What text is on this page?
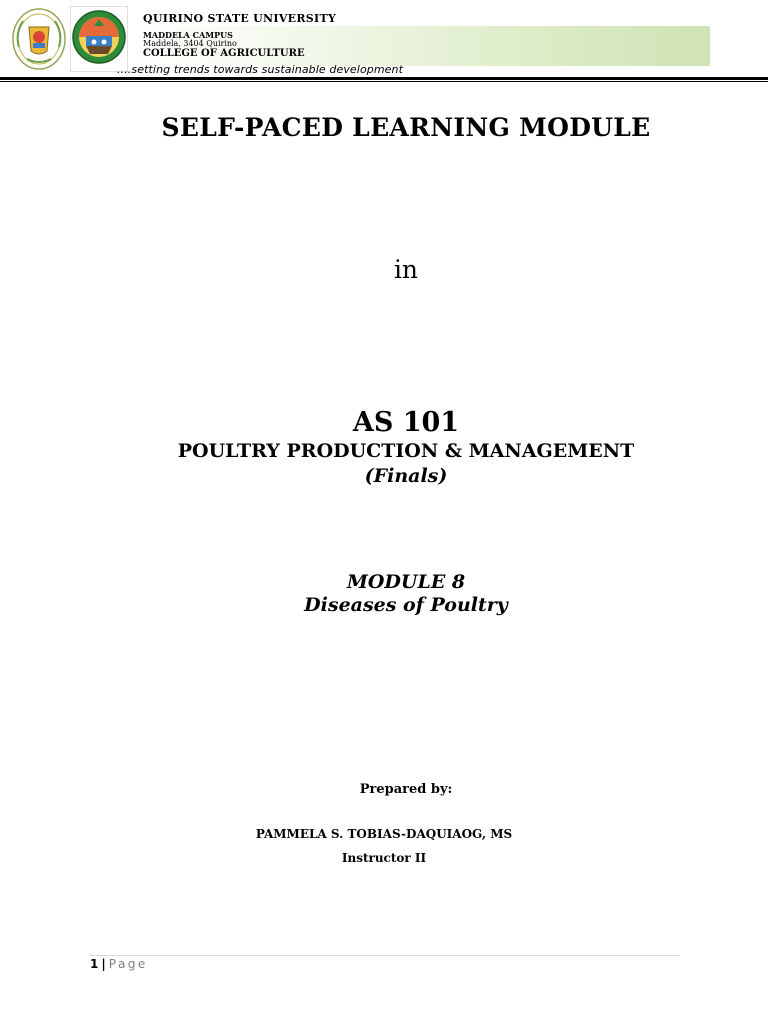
QUIRINO STATE UNIVERSITY
MADDELA CAMPUS
Maddela, 3404 Quirino
COLLEGE OF AGRICULTURE
....setting trends towards sustainable development
SELF-PACED LEARNING MODULE
in
AS 101
POULTRY PRODUCTION & MANAGEMENT
(Finals)
MODULE 8
Diseases of Poultry
Prepared by:
PAMMELA S. TOBIAS-DAQUIAOG, MS
Instructor II
1 | Page
